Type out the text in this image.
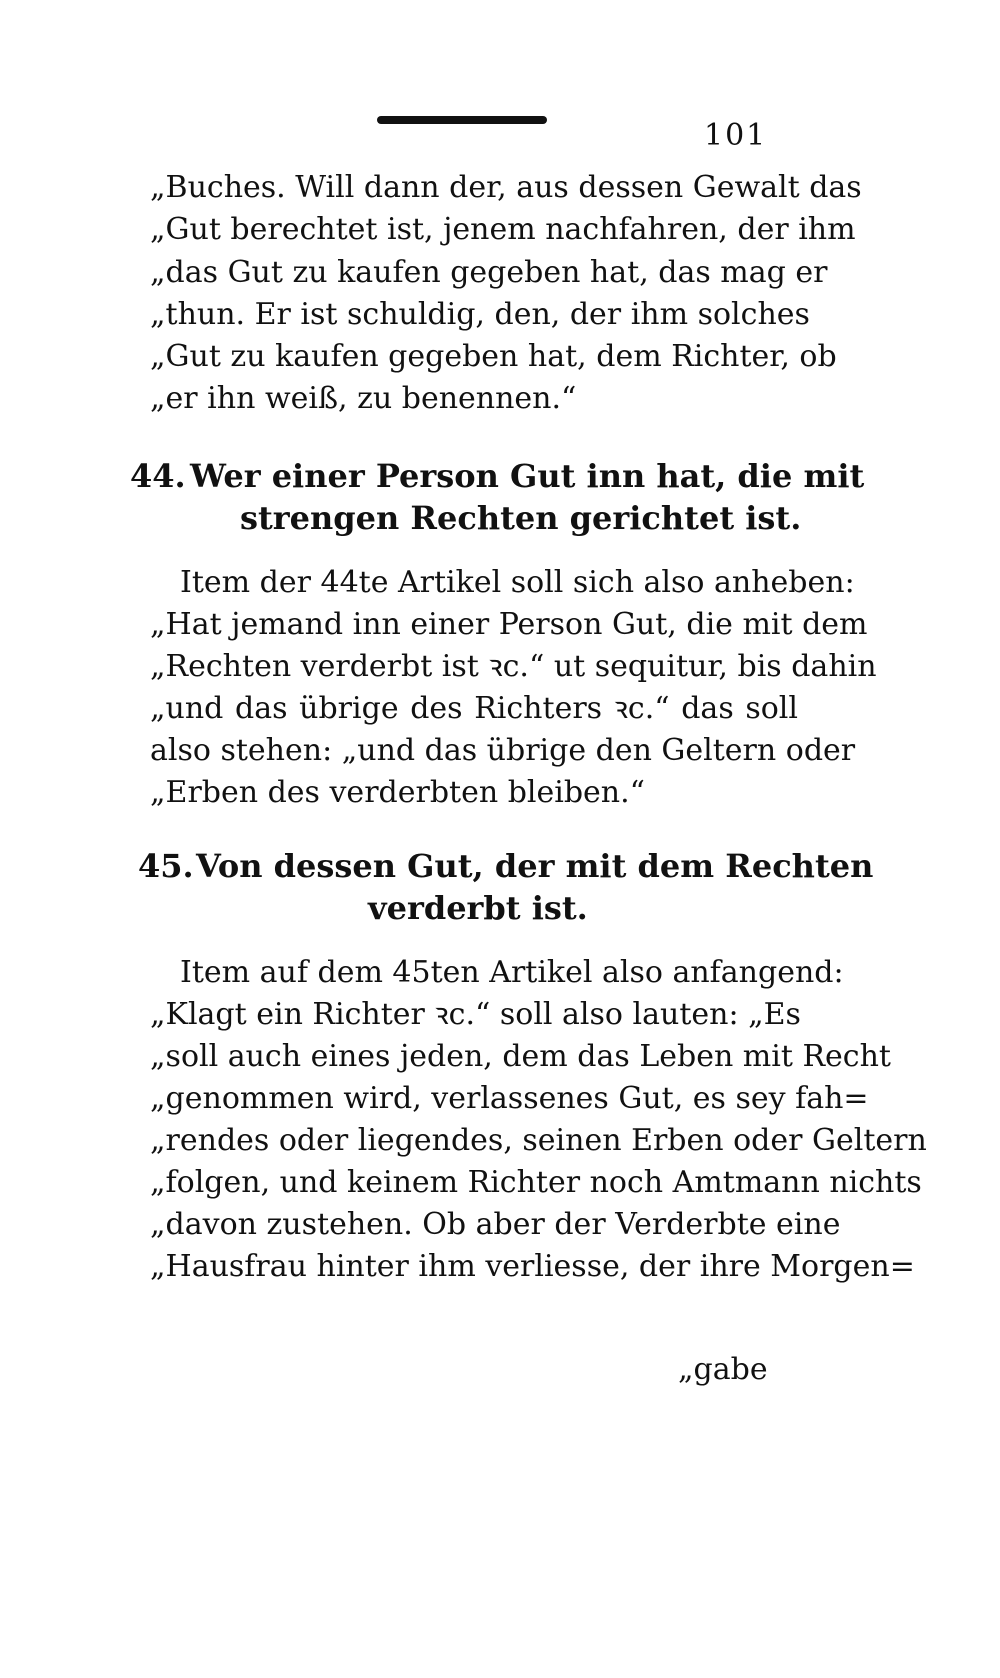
101
„Buches. Will dann der, aus dessen Gewalt das
„Gut berechtet ist, jenem nachfahren, der ihm
„das Gut zu kaufen gegeben hat, das mag er
„thun. Er ist schuldig, den, der ihm solches
„Gut zu kaufen gegeben hat, dem Richter, ob
„er ihn weiß, zu benennen.“
44. Wer einer Person Gut inn hat, die mit
strengen Rechten gerichtet ist.
Item der 44te Artikel soll sich also anheben:
„Hat jemand inn einer Person Gut, die mit dem
„Rechten verderbt ist ꝛc.“ ut sequitur, bis dahin
„und das übrige des Richters ꝛc.“ das soll
also stehen: „und das übrige den Geltern oder
„Erben des verderbten bleiben.“
45. Von dessen Gut, der mit dem Rechten
verderbt ist.
Item auf dem 45ten Artikel also anfangend:
„Klagt ein Richter ꝛc.“ soll also lauten: „Es
„soll auch eines jeden, dem das Leben mit Recht
„genommen wird, verlassenes Gut, es sey fah=
„rendes oder liegendes, seinen Erben oder Geltern
„folgen, und keinem Richter noch Amtmann nichts
„davon zustehen. Ob aber der Verderbte eine
„Hausfrau hinter ihm verliesse, der ihre Morgen=
„gabe
